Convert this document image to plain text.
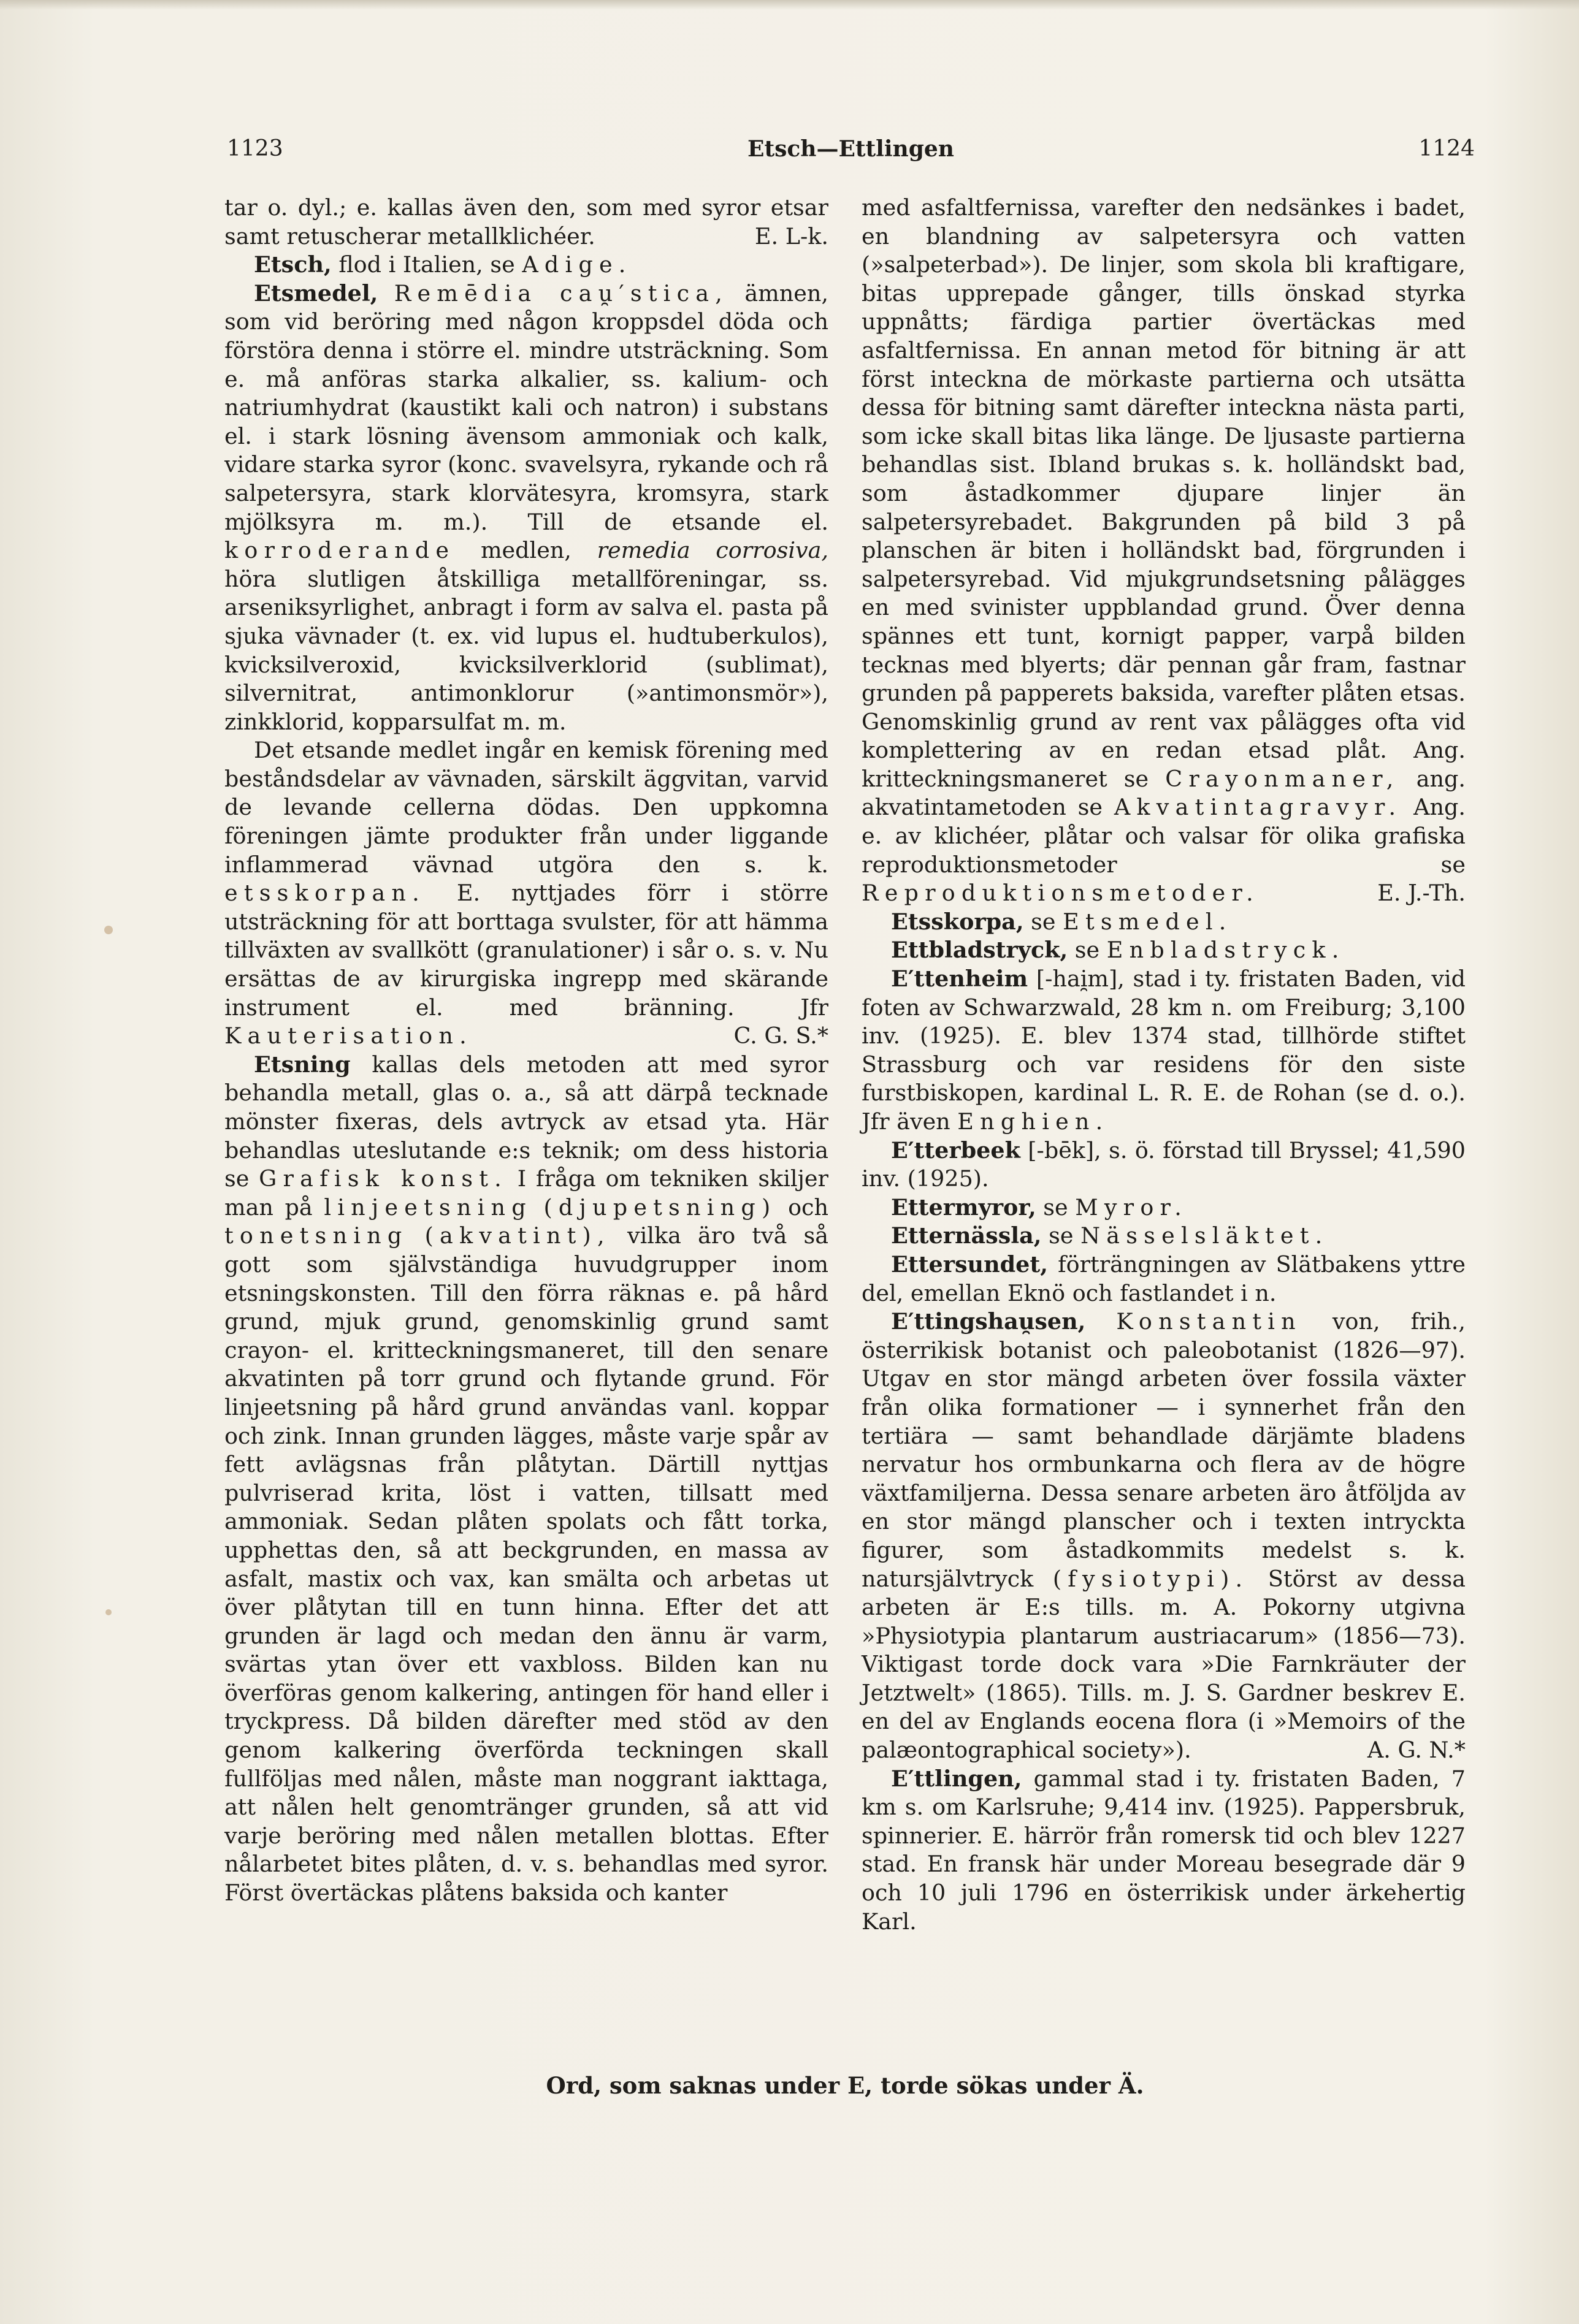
1123	Etsch—Ettlingen	1124

tar o. dyl.; e. kallas även den, som med syror etsar samt retuscherar metallklichéer.	E. L-k.

Etsch, flod i Italien, se Adige.

Etsmedel, Remēdia cau̯′stica, ämnen, som vid beröring med någon kroppsdel döda och förstöra denna i större el. mindre utsträckning. Som e. må anföras starka alkalier, ss. kalium- och natriumhydrat (kaustikt kali och natron) i substans el. i stark lösning ävensom ammoniak och kalk, vidare starka syror (konc. svavelsyra, rykande och rå salpetersyra, stark klorvätesyra, kromsyra, stark mjölksyra m. m.). Till de etsande el. korroderande medlen, remedia corrosiva, höra slutligen åtskilliga metallföreningar, ss. arseniksyrlighet, anbragt i form av salva el. pasta på sjuka vävnader (t. ex. vid lupus el. hudtuberkulos), kvicksilveroxid, kvicksilverklorid (sublimat), silvernitrat, antimonklorur (»antimonsmör»), zinkklorid, kopparsulfat m. m.

Det etsande medlet ingår en kemisk förening med beståndsdelar av vävnaden, särskilt äggvitan, varvid de levande cellerna dödas. Den uppkomna föreningen jämte produkter från under liggande inflammerad vävnad utgöra den s. k. etsskorpan. E. nyttjades förr i större utsträckning för att borttaga svulster, för att hämma tillväxten av svallkött (granulationer) i sår o. s. v. Nu ersättas de av kirurgiska ingrepp med skärande instrument el. med bränning. Jfr Kauterisation.	C. G. S.*

Etsning kallas dels metoden att med syror behandla metall, glas o. a., så att därpå tecknade mönster fixeras, dels avtryck av etsad yta. Här behandlas uteslutande e:s teknik; om dess historia se Grafisk konst. I fråga om tekniken skiljer man på linjeetsning (djupetsning) och tonetsning (akvatint), vilka äro två så gott som självständiga huvudgrupper inom etsningskonsten. Till den förra räknas e. på hård grund, mjuk grund, genomskinlig grund samt crayon- el. kritteckningsmaneret, till den senare akvatinten på torr grund och flytande grund. För linjeetsning på hård grund användas vanl. koppar och zink. Innan grunden lägges, måste varje spår av fett avlägsnas från plåtytan. Därtill nyttjas pulvriserad krita, löst i vatten, tillsatt med ammoniak. Sedan plåten spolats och fått torka, upphettas den, så att beckgrunden, en massa av asfalt, mastix och vax, kan smälta och arbetas ut över plåtytan till en tunn hinna. Efter det att grunden är lagd och medan den ännu är varm, svärtas ytan över ett vaxbloss. Bilden kan nu överföras genom kalkering, antingen för hand eller i tryckpress. Då bilden därefter med stöd av den genom kalkering överförda teckningen skall fullföljas med nålen, måste man noggrant iakttaga, att nålen helt genomtränger grunden, så att vid varje beröring med nålen metallen blottas. Efter nålarbetet bites plåten, d. v. s. behandlas med syror. Först övertäckas plåtens baksida och kanter

med asfaltfernissa, varefter den nedsänkes i badet, en blandning av salpetersyra och vatten (»salpeterbad»). De linjer, som skola bli kraftigare, bitas upprepade gånger, tills önskad styrka uppnåtts; färdiga partier övertäckas med asfaltfernissa. En annan metod för bitning är att först inteckna de mörkaste partierna och utsätta dessa för bitning samt därefter inteckna nästa parti, som icke skall bitas lika länge. De ljusaste partierna behandlas sist. Ibland brukas s. k. holländskt bad, som åstadkommer djupare linjer än salpetersyrebadet. Bakgrunden på bild 3 på planschen är biten i holländskt bad, förgrunden i salpetersyrebad. Vid mjukgrundsetsning pålägges en med svinister uppblandad grund. Över denna spännes ett tunt, kornigt papper, varpå bilden tecknas med blyerts; där pennan går fram, fastnar grunden på papperets baksida, varefter plåten etsas. Genomskinlig grund av rent vax pålägges ofta vid komplettering av en redan etsad plåt. Ang. kritteckningsmaneret se Crayonmaner, ang. akvatintametoden se Akvatintagravyr. Ang. e. av klichéer, plåtar och valsar för olika grafiska reproduktionsmetoder se Reproduktionsmetoder.	E. J.-Th.

Etsskorpa, se Etsmedel.

Ettbladstryck, se Enbladstryck.

E′ttenheim [-hai̯m], stad i ty. fristaten Baden, vid foten av Schwarzwald, 28 km n. om Freiburg; 3,100 inv. (1925). E. blev 1374 stad, tillhörde stiftet Strassburg och var residens för den siste furstbiskopen, kardinal L. R. E. de Rohan (se d. o.). Jfr även Enghien.

E′tterbeek [-bēk], s. ö. förstad till Bryssel; 41,590 inv. (1925).

Ettermyror, se Myror.

Etternässla, se Nässelsläktet.

Ettersundet, förträngningen av Slätbakens yttre del, emellan Eknö och fastlandet i n.

E′ttingshau̯sen, Konstantin von, frih., österrikisk botanist och paleobotanist (1826—97). Utgav en stor mängd arbeten över fossila växter från olika formationer — i synnerhet från den tertiära — samt behandlade därjämte bladens nervatur hos ormbunkarna och flera av de högre växtfamiljerna. Dessa senare arbeten äro åtföljda av en stor mängd planscher och i texten intryckta figurer, som åstadkommits medelst s. k. natursjälvtryck (fysiotypi). Störst av dessa arbeten är E:s tills. m. A. Pokorny utgivna »Physiotypia plantarum austriacarum» (1856—73). Viktigast torde dock vara »Die Farnkräuter der Jetztwelt» (1865). Tills. m. J. S. Gardner beskrev E. en del av Englands eocena flora (i »Memoirs of the palæontographical society»).	A. G. N.*

E′ttlingen, gammal stad i ty. fristaten Baden, 7 km s. om Karlsruhe; 9,414 inv. (1925). Pappersbruk, spinnerier. E. härrör från romersk tid och blev 1227 stad. En fransk här under Moreau besegrade där 9 och 10 juli 1796 en österrikisk under ärkehertig Karl.

Ord, som saknas under E, torde sökas under Ä.
